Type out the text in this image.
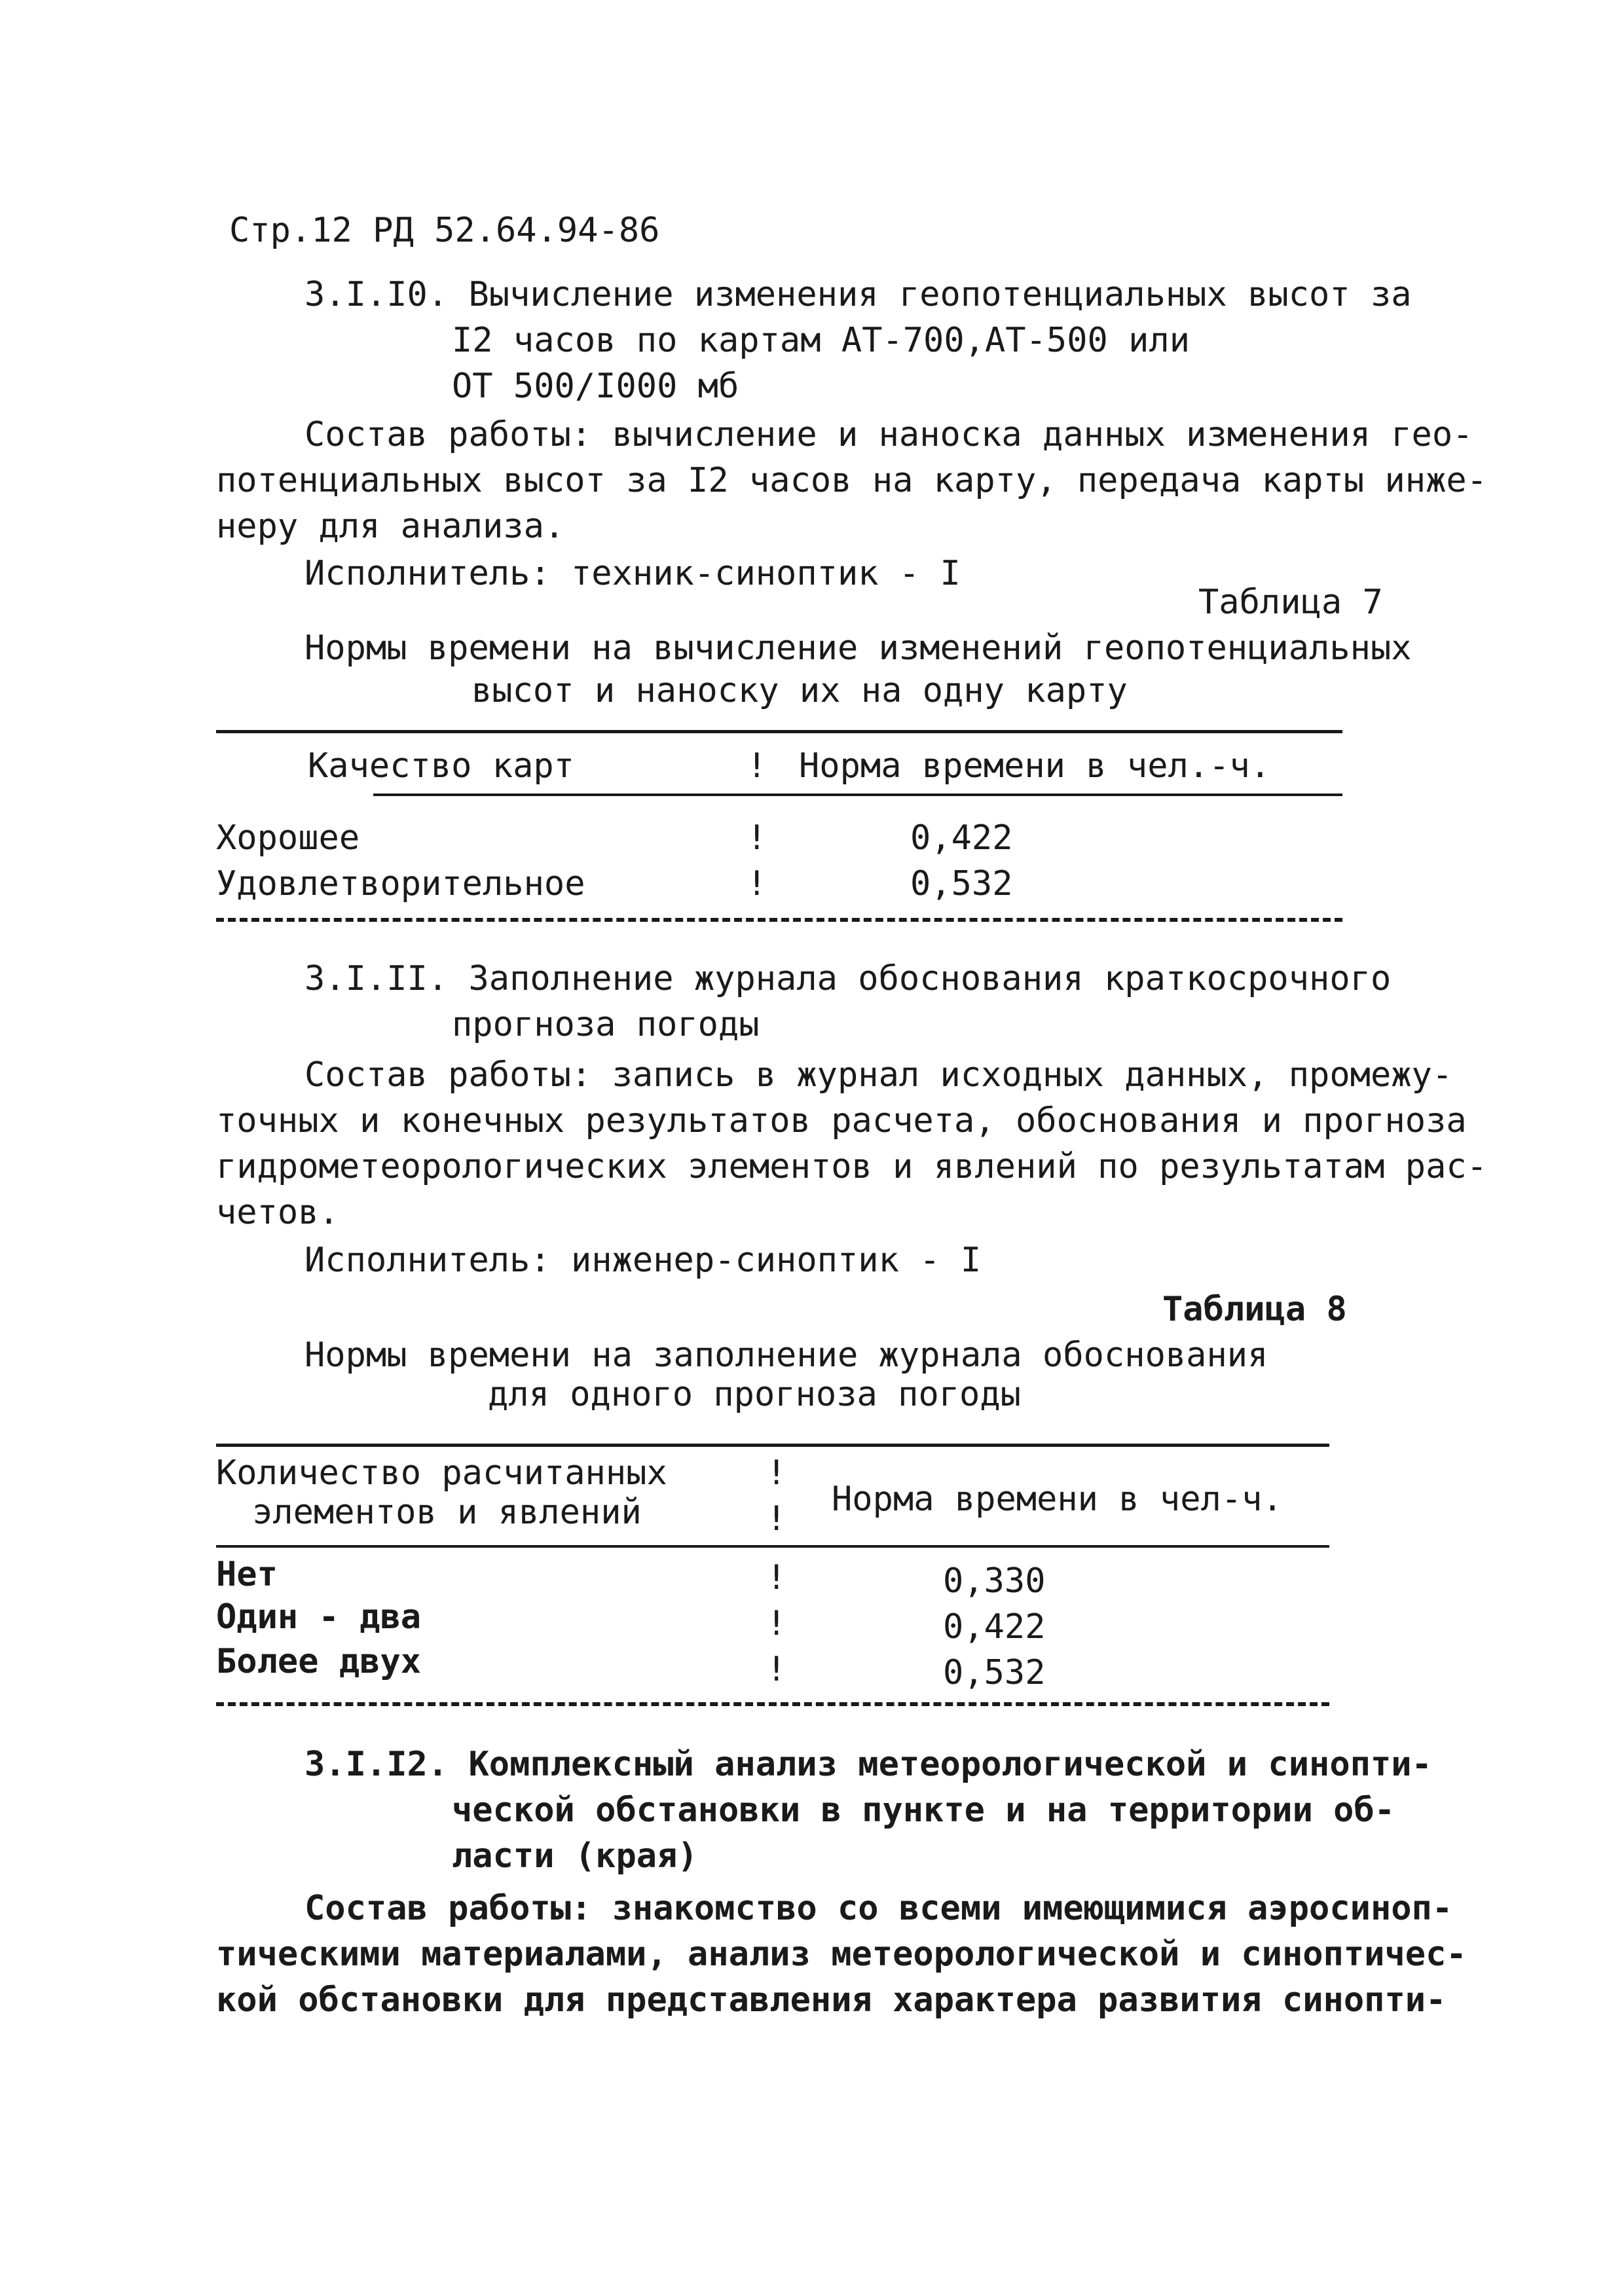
Стр.12 РД 52.64.94-86
3.I.I0. Вычисление изменения геопотенциальных высот за
I2 часов по картам АТ-700,АТ-500 или
ОТ 500/I000 мб
Состав работы: вычисление и наноска данных изменения гео-
потенциальных высот за I2 часов на карту, передача карты инже-
неру для анализа.
Исполнитель: техник-синоптик - I
Таблица 7
Нормы времени на вычисление изменений геопотенциальных
высот и наноску их на одну карту
Качество карт	! Норма времени в чел.-ч.
Хорошее	!	0,422
Удовлетворительное	!	0,532
3.I.II. Заполнение журнала обоснования краткосрочного
прогноза погоды
Состав работы: запись в журнал исходных данных, промежу-
точных и конечных результатов расчета, обоснования и прогноза
гидрометеорологических элементов и явлений по результатам рас-
четов.
Исполнитель: инженер-синоптик - I
Таблица 8
Нормы времени на заполнение журнала обоснования
для одного прогноза погоды
Количество расчитанных
элементов и явлений
!
! Норма времени в чел-ч.
Нет	!	0,330
Один - два	!	0,422
Более двух	!	0,532
3.I.I2. Комплексный анализ метеорологической и синопти-
ческой обстановки в пункте и на территории об-
ласти (края)
Состав работы: знакомство со всеми имеющимися аэросиноп-
тическими материалами, анализ метеорологической и синоптичес-
кой обстановки для представления характера развития синопти-
